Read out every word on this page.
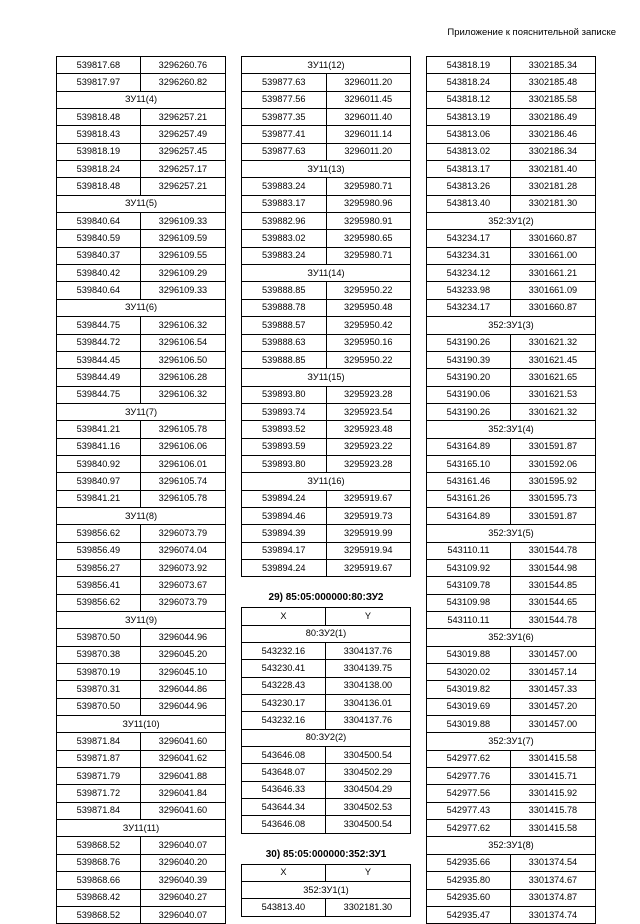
Приложение к пояснительной записке
539817.68	3296260.76
539817.97	3296260.82
ЗУ11(4)	
539818.48	3296257.21
539818.43	3296257.49
539818.19	3296257.45
539818.24	3296257.17
539818.48	3296257.21
ЗУ11(5)	
539840.64	3296109.33
539840.59	3296109.59
539840.37	3296109.55
539840.42	3296109.29
539840.64	3296109.33
ЗУ11(6)	
539844.75	3296106.32
539844.72	3296106.54
539844.45	3296106.50
539844.49	3296106.28
539844.75	3296106.32
ЗУ11(7)	
539841.21	3296105.78
539841.16	3296106.06
539840.92	3296106.01
539840.97	3296105.74
539841.21	3296105.78
ЗУ11(8)	
539856.62	3296073.79
539856.49	3296074.04
539856.27	3296073.92
539856.41	3296073.67
539856.62	3296073.79
ЗУ11(9)	
539870.50	3296044.96
539870.38	3296045.20
539870.19	3296045.10
539870.31	3296044.86
539870.50	3296044.96
ЗУ11(10)	
539871.84	3296041.60
539871.87	3296041.62
539871.79	3296041.88
539871.72	3296041.84
539871.84	3296041.60
ЗУ11(11)	
539868.52	3296040.07
539868.76	3296040.20
539868.66	3296040.39
539868.42	3296040.27
539868.52	3296040.07
ЗУ11(12)	
539877.63	3296011.20
539877.56	3296011.45
539877.35	3296011.40
539877.41	3296011.14
539877.63	3296011.20
ЗУ11(13)	
539883.24	3295980.71
539883.17	3295980.96
539882.96	3295980.91
539883.02	3295980.65
539883.24	3295980.71
ЗУ11(14)	
539888.85	3295950.22
539888.78	3295950.48
539888.57	3295950.42
539888.63	3295950.16
539888.85	3295950.22
ЗУ11(15)	
539893.80	3295923.28
539893.74	3295923.54
539893.52	3295923.48
539893.59	3295923.22
539893.80	3295923.28
ЗУ11(16)	
539894.24	3295919.67
539894.46	3295919.73
539894.39	3295919.99
539894.17	3295919.94
539894.24	3295919.67
29) 85:05:000000:80:ЗУ2
X	Y
80:ЗУ2(1)	
543232.16	3304137.76
543230.41	3304139.75
543228.43	3304138.00
543230.17	3304136.01
543232.16	3304137.76
80:ЗУ2(2)	
543646.08	3304500.54
543648.07	3304502.29
543646.33	3304504.29
543644.34	3304502.53
543646.08	3304500.54
30) 85:05:000000:352:ЗУ1
X	Y
352:ЗУ1(1)	
543813.40	3302181.30
543818.19	3302185.34
543818.24	3302185.48
543818.12	3302185.58
543813.19	3302186.49
543813.06	3302186.46
543813.02	3302186.34
543813.17	3302181.40
543813.26	3302181.28
543813.40	3302181.30
352:ЗУ1(2)	
543234.17	3301660.87
543234.31	3301661.00
543234.12	3301661.21
543233.98	3301661.09
543234.17	3301660.87
352:ЗУ1(3)	
543190.26	3301621.32
543190.39	3301621.45
543190.20	3301621.65
543190.06	3301621.53
543190.26	3301621.32
352:ЗУ1(4)	
543164.89	3301591.87
543165.10	3301592.06
543161.46	3301595.92
543161.26	3301595.73
543164.89	3301591.87
352:ЗУ1(5)	
543110.11	3301544.78
543109.92	3301544.98
543109.78	3301544.85
543109.98	3301544.65
543110.11	3301544.78
352:ЗУ1(6)	
543019.88	3301457.00
543020.02	3301457.14
543019.82	3301457.33
543019.69	3301457.20
543019.88	3301457.00
352:ЗУ1(7)	
542977.62	3301415.58
542977.76	3301415.71
542977.56	3301415.92
542977.43	3301415.78
542977.62	3301415.58
352:ЗУ1(8)	
542935.66	3301374.54
542935.80	3301374.67
542935.60	3301374.87
542935.47	3301374.74
